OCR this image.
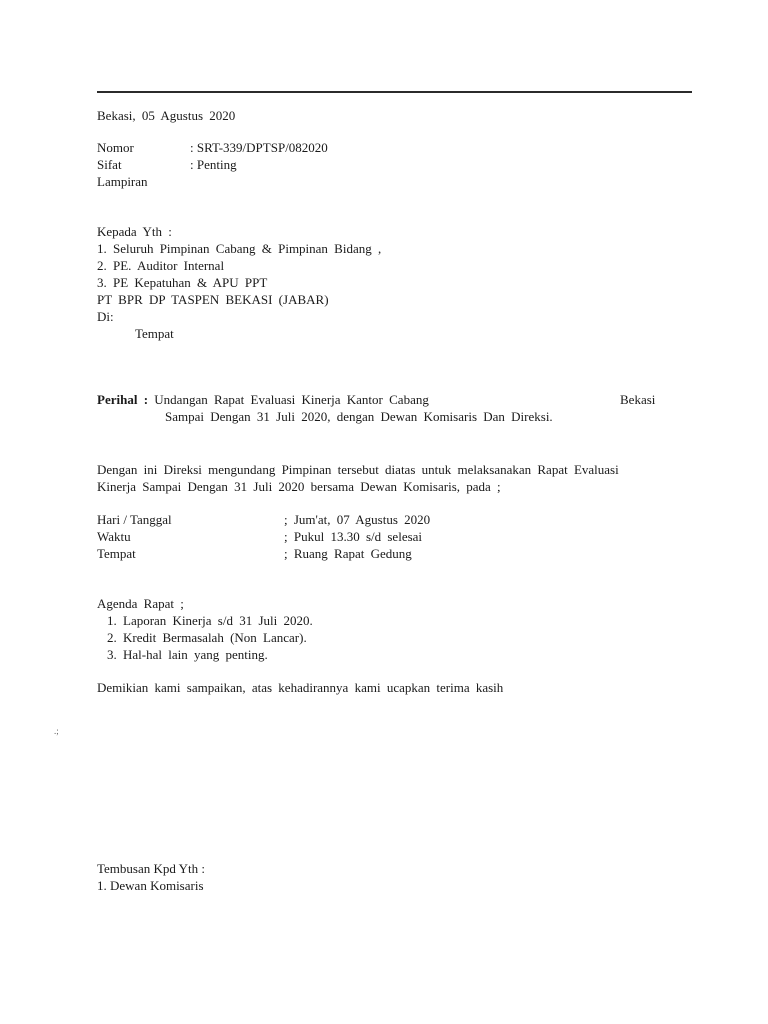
Bekasi, 05 Agustus 2020
Nomor	: SRT-339/DPTSP/082020
Sifat	: Penting
Lampiran
Kepada Yth :
1. Seluruh Pimpinan Cabang & Pimpinan Bidang ,
2. PE. Auditor Internal
3. PE Kepatuhan & APU PPT
PT BPR DP TASPEN BEKASI (JABAR)
Di:
Tempat
Perihal : Undangan Rapat Evaluasi Kinerja Kantor Cabang	Bekasi
Sampai Dengan 31 Juli 2020, dengan Dewan Komisaris Dan Direksi.
Dengan ini Direksi mengundang Pimpinan tersebut diatas untuk melaksanakan Rapat Evaluasi
Kinerja Sampai Dengan 31 Juli 2020 bersama Dewan Komisaris, pada ;
Hari / Tanggal	; Jum'at, 07 Agustus 2020
Waktu	; Pukul 13.30 s/d selesai
Tempat	; Ruang Rapat Gedung
Agenda Rapat ;
1. Laporan Kinerja s/d 31 Juli 2020.
2. Kredit Bermasalah (Non Lancar).
3. Hal-hal lain yang penting.
Demikian kami sampaikan, atas kehadirannya kami ucapkan terima kasih
.;
Tembusan Kpd Yth :
1. Dewan Komisaris
